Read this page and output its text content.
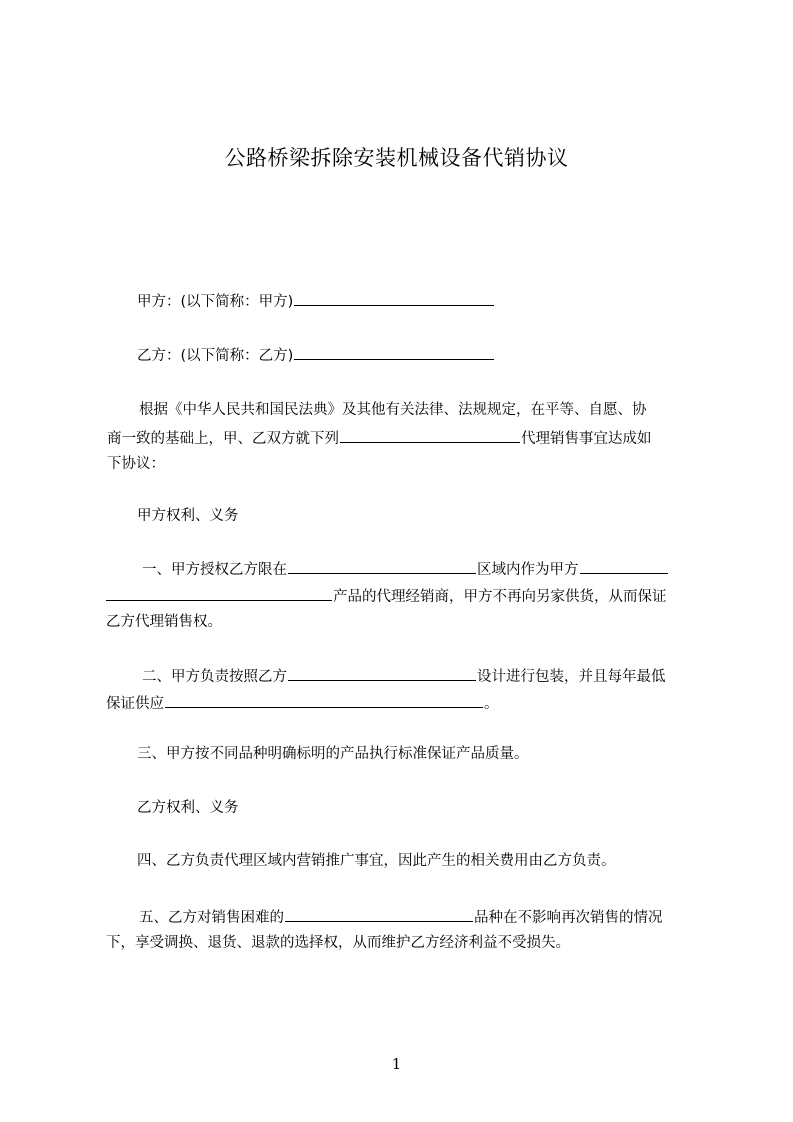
公路桥梁拆除安装机械设备代销协议
甲方：(以下简称：甲方)
乙方：(以下简称：乙方)
根据《中华人民共和国民法典》及其他有关法律、法规规定，在平等、自愿、协
商一致的基础上，甲、乙双方就下列	代理销售事宜达成如
下协议：
甲方权利、义务
一、甲方授权乙方限在	区域内作为甲方
产品的代理经销商，甲方不再向另家供货，从而保证
乙方代理销售权。
二、甲方负责按照乙方	设计进行包装，并且每年最低
保证供应	。
三、甲方按不同品种明确标明的产品执行标准保证产品质量。
乙方权利、义务
四、乙方负责代理区域内营销推广事宜，因此产生的相关费用由乙方负责。
五、乙方对销售困难的	品种在不影响再次销售的情况
下，享受调换、退货、退款的选择权，从而维护乙方经济利益不受损失。
1
